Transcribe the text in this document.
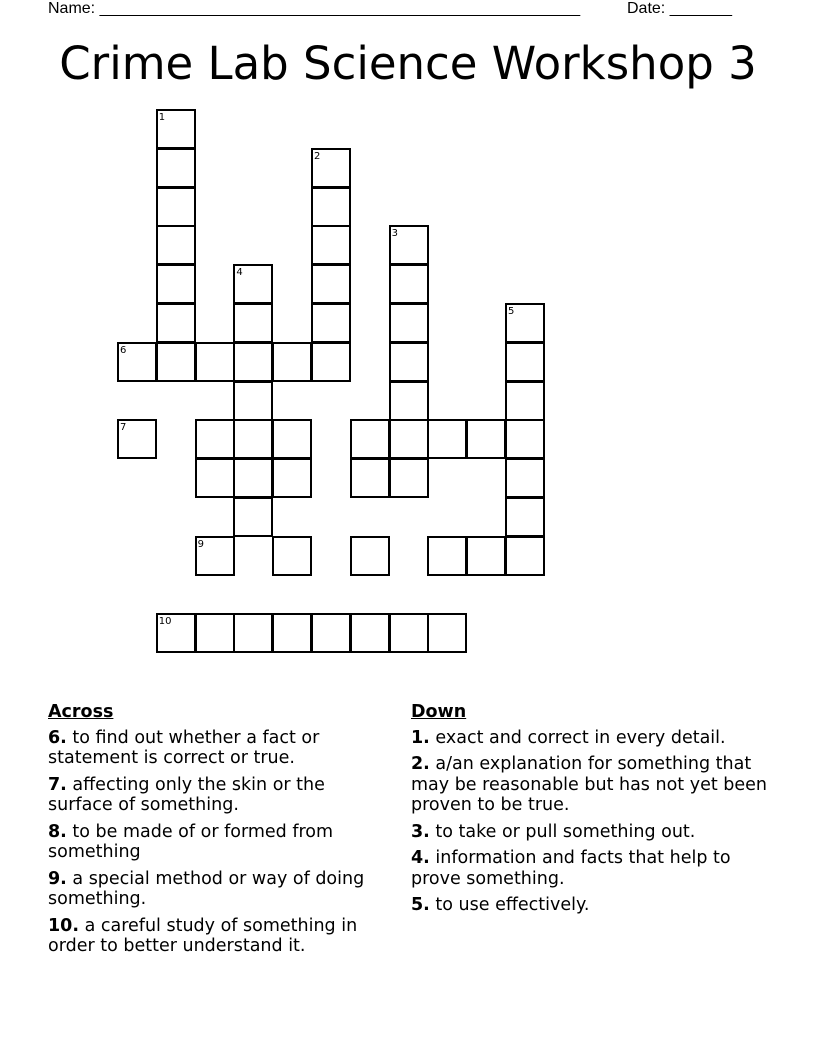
Name: ______________________________________________________	Date: _______
Crime Lab Science Workshop 3
1
2
3
4
5
6
7
9
10
Across
6. to find out whether a fact or statement is correct or true.
7. affecting only the skin or the surface of something.
8. to be made of or formed from something
9. a special method or way of doing something.
10. a careful study of something in order to better understand it.
Down
1. exact and correct in every detail.
2. a/an explanation for something that may be reasonable but has not yet been proven to be true.
3. to take or pull something out.
4. information and facts that help to prove something.
5. to use effectively.
